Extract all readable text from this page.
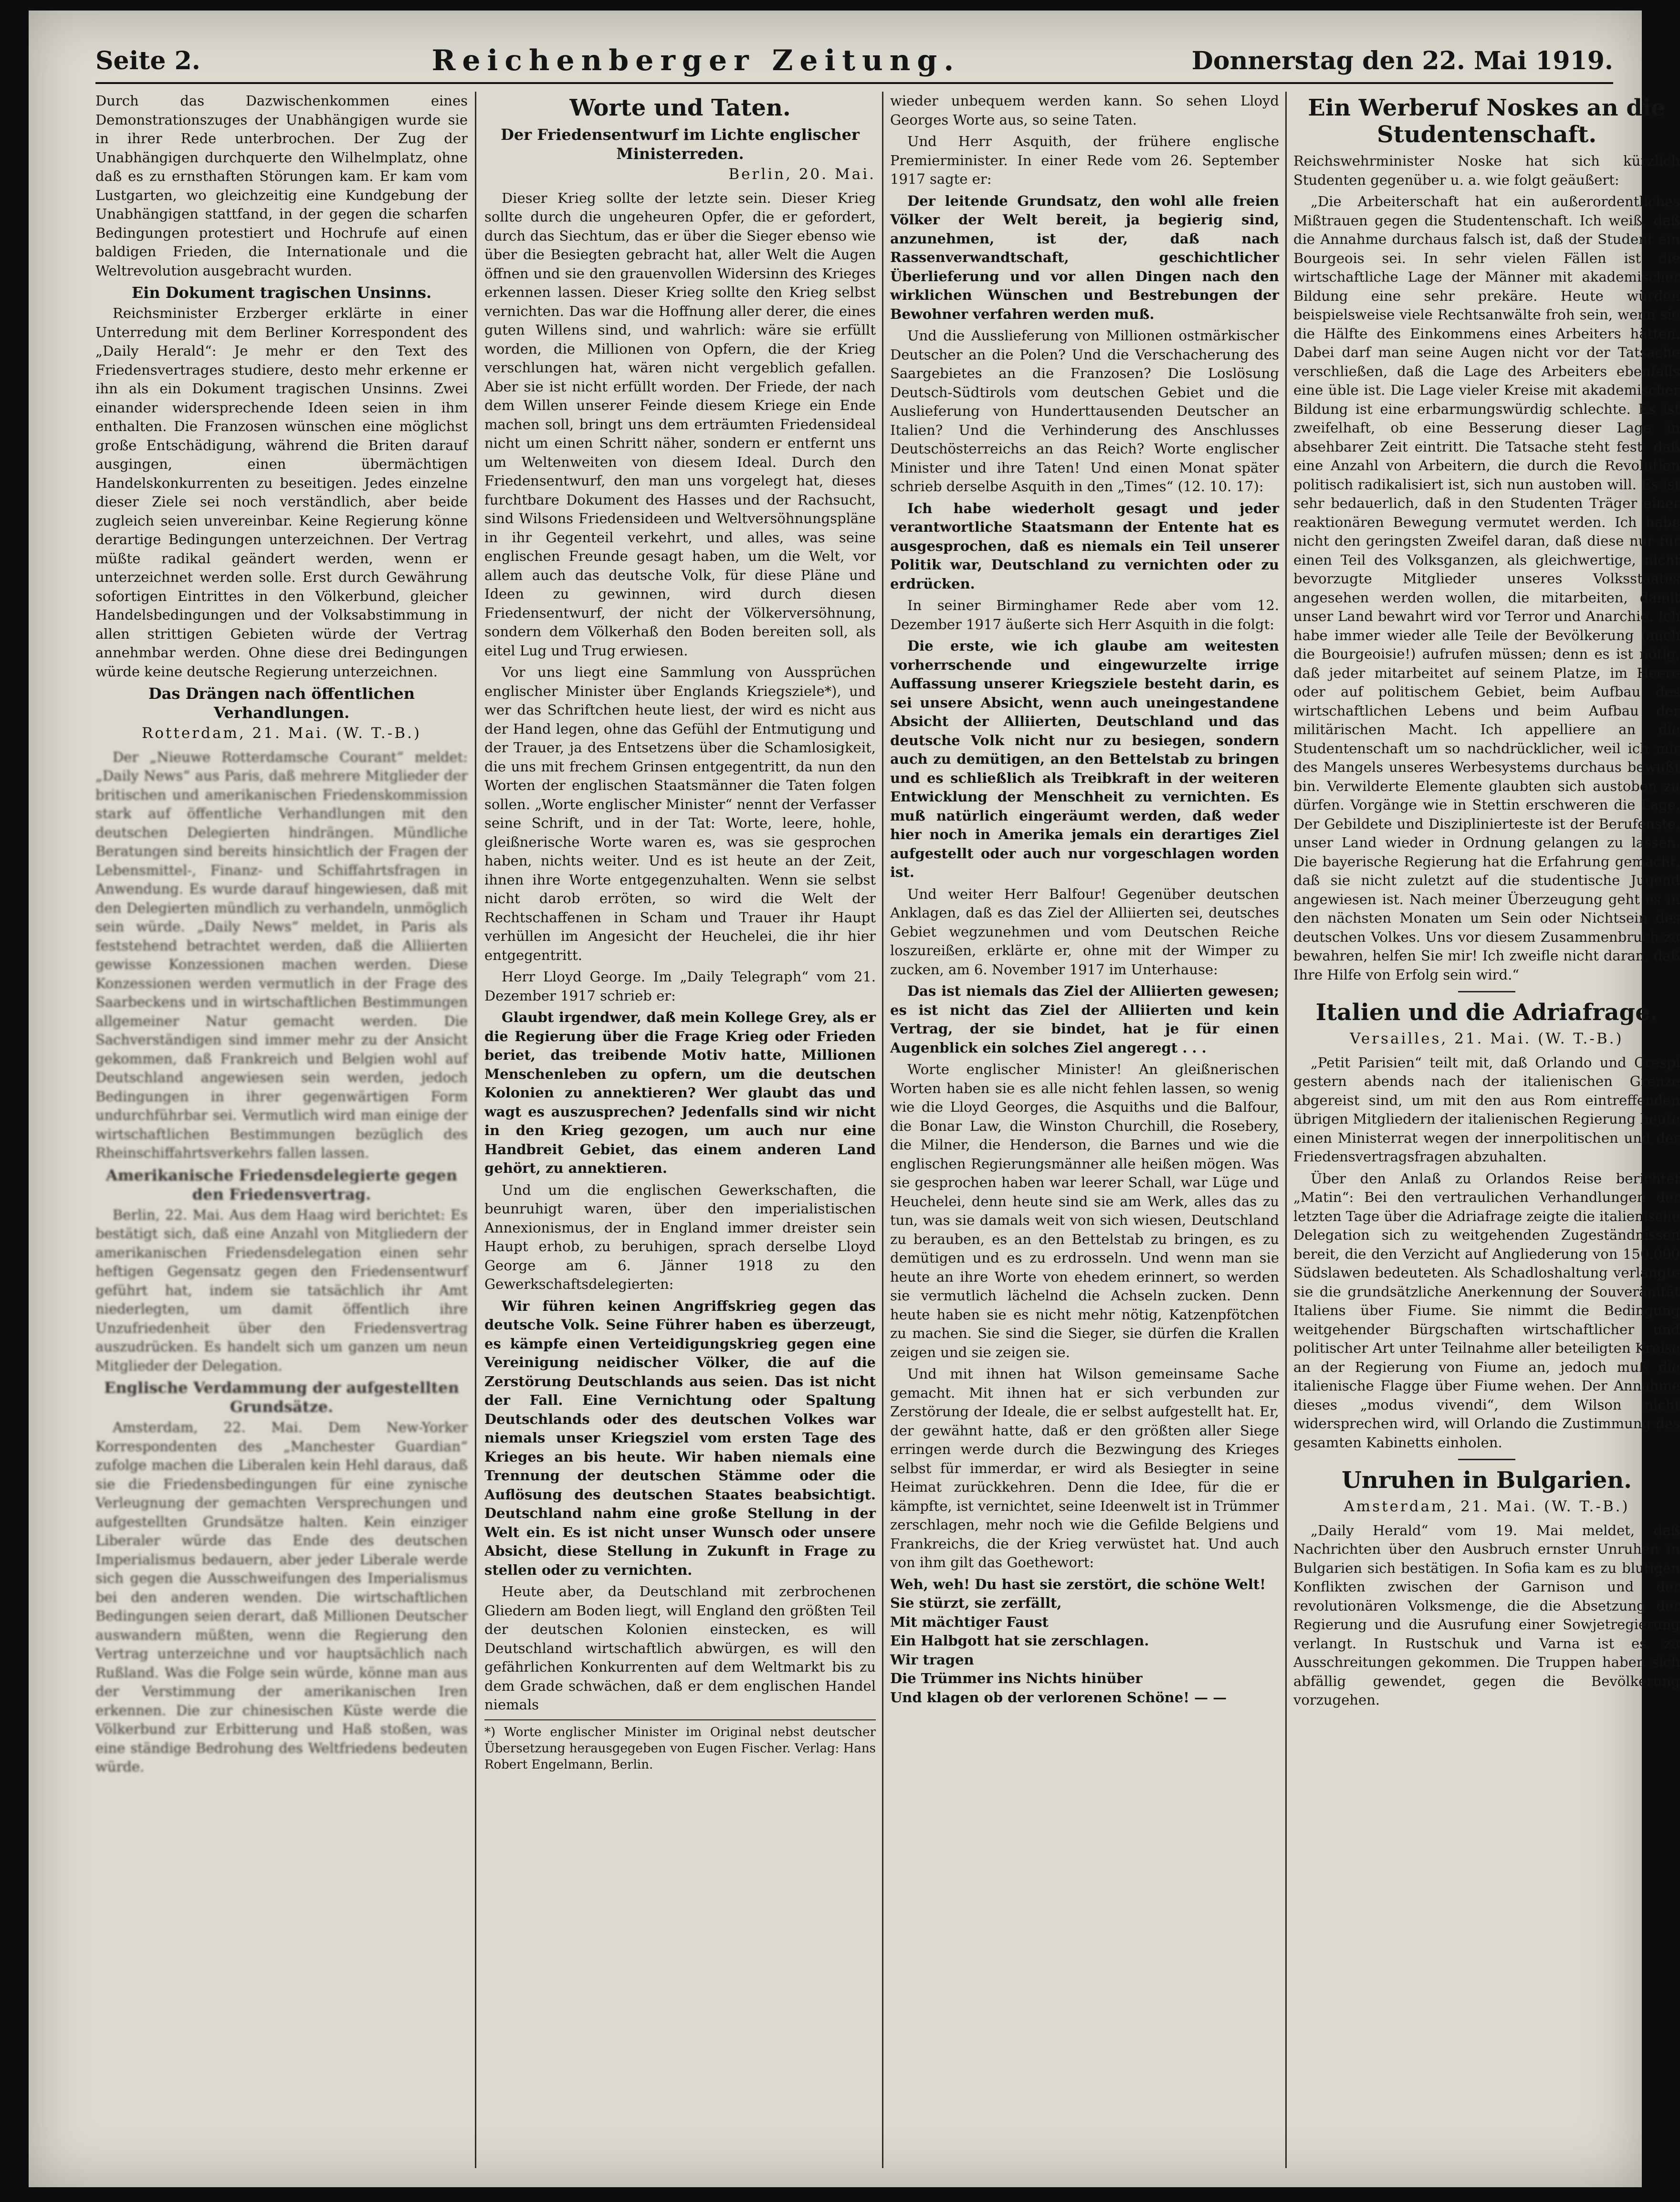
›
Seite 2.	Reichenberger Zeitung.	Donnerstag den 22. Mai 1919.

Durch das Dazwischenkommen eines Demonstrationszuges der Unabhängigen wurde sie in ihrer Rede unterbrochen. Der Zug der Unabhängigen durchquerte den Wilhelmplatz, ohne daß es zu ernsthaften Störungen kam. Er kam vom Lustgarten, wo gleichzeitig eine Kundgebung der Unabhängigen stattfand, in der gegen die scharfen Bedingungen protestiert und Hochrufe auf einen baldigen Frieden, die Internationale und die Weltrevolution ausgebracht wurden.

Ein Dokument tragischen Unsinns.

Reichsminister Erzberger erklärte in einer Unterredung mit dem Berliner Korrespondent des „Daily Herald“: Je mehr er den Text des Friedensvertrages studiere, desto mehr erkenne er ihn als ein Dokument tragischen Unsinns. Zwei einander widersprechende Ideen seien in ihm enthalten. Die Franzosen wünschen eine möglichst große Entschädigung, während die Briten darauf ausgingen, einen übermächtigen Handelskonkurrenten zu beseitigen. Jedes einzelne dieser Ziele sei noch verständlich, aber beide zugleich seien unvereinbar. Keine Regierung könne derartige Bedingungen unterzeichnen. Der Vertrag müßte radikal geändert werden, wenn er unterzeichnet werden solle. Erst durch Gewährung sofortigen Eintrittes in den Völkerbund, gleicher Handelsbedingungen und der Volksabstimmung in allen strittigen Gebieten würde der Vertrag annehmbar werden. Ohne diese drei Bedingungen würde keine deutsche Regierung unterzeichnen.

Das Drängen nach öffentlichen Verhandlungen.
Rotterdam, 21. Mai. (W. T.-B.)

Der „Nieuwe Rotterdamsche Courant“ meldet: „Daily News“ aus Paris, daß mehrere Mitglieder der britischen und amerikanischen Friedenskommission stark auf öffentliche Verhandlungen mit den deutschen Delegierten hindrängen. Mündliche Beratungen sind bereits hinsichtlich der Fragen der Lebensmittel-, Finanz- und Schiffahrtsfragen in Anwendung. Es wurde darauf hingewiesen, daß mit den Delegierten mündlich zu verhandeln, unmöglich sein würde. „Daily News“ meldet, in Paris als feststehend betrachtet werden, daß die Alliierten gewisse Konzessionen machen werden. Diese Konzessionen werden vermutlich in der Frage des Saarbeckens und in wirtschaftlichen Bestimmungen allgemeiner Natur gemacht werden. Die Sachverständigen sind immer mehr zu der Ansicht gekommen, daß Frankreich und Belgien wohl auf Deutschland angewiesen sein werden, jedoch Bedingungen in ihrer gegenwärtigen Form undurchführbar sei. Vermutlich wird man einige der wirtschaftlichen Bestimmungen bezüglich des Rheinschiffahrtsverkehrs fallen lassen.

Amerikanische Friedensdelegierte gegen den Friedensvertrag.

Berlin, 22. Mai. Aus dem Haag wird berichtet: Es bestätigt sich, daß eine Anzahl von Mitgliedern der amerikanischen Friedensdelegation einen sehr heftigen Gegensatz gegen den Friedensentwurf geführt hat, indem sie tatsächlich ihr Amt niederlegten, um damit öffentlich ihre Unzufriedenheit über den Friedensvertrag auszudrücken. Es handelt sich um ganzen um neun Mitglieder der Delegation.

Englische Verdammung der aufgestellten Grundsätze.

Amsterdam, 22. Mai. Dem New-Yorker Korrespondenten des „Manchester Guardian“ zufolge machen die Liberalen kein Hehl daraus, daß sie die Friedensbedingungen für eine zynische Verleugnung der gemachten Versprechungen und aufgestellten Grundsätze halten. Kein einziger Liberaler würde das Ende des deutschen Imperialismus bedauern, aber jeder Liberale werde sich gegen die Ausschweifungen des Imperialismus bei den anderen wenden. Die wirtschaftlichen Bedingungen seien derart, daß Millionen Deutscher auswandern müßten, wenn die Regierung den Vertrag unterzeichne und vor hauptsächlich nach Rußland. Was die Folge sein würde, könne man aus der Verstimmung der amerikanischen Iren erkennen. Die zur chinesischen Küste werde die Völkerbund zur Erbitterung und Haß stoßen, was eine ständige Bedrohung des Weltfriedens bedeuten würde.

Worte und Taten.
Der Friedensentwurf im Lichte englischer Ministerreden.
Berlin, 20. Mai.

Dieser Krieg sollte der letzte sein. Dieser Krieg sollte durch die ungeheuren Opfer, die er gefordert, durch das Siechtum, das er über die Sieger ebenso wie über die Besiegten gebracht hat, aller Welt die Augen öffnen und sie den grauenvollen Widersinn des Krieges erkennen lassen. Dieser Krieg sollte den Krieg selbst vernichten. Das war die Hoffnung aller derer, die eines guten Willens sind, und wahrlich: wäre sie erfüllt worden, die Millionen von Opfern, die der Krieg verschlungen hat, wären nicht vergeblich gefallen. Aber sie ist nicht erfüllt worden. Der Friede, der nach dem Willen unserer Feinde diesem Kriege ein Ende machen soll, bringt uns dem erträumten Friedensideal nicht um einen Schritt näher, sondern er entfernt uns um Weltenweiten von diesem Ideal. Durch den Friedensentwurf, den man uns vorgelegt hat, dieses furchtbare Dokument des Hasses und der Rachsucht, sind Wilsons Friedensideen und Weltversöhnungspläne in ihr Gegenteil verkehrt, und alles, was seine englischen Freunde gesagt haben, um die Welt, vor allem auch das deutsche Volk, für diese Pläne und Ideen zu gewinnen, wird durch diesen Friedensentwurf, der nicht der Völkerversöhnung, sondern dem Völkerhaß den Boden bereiten soll, als eitel Lug und Trug erwiesen.

Vor uns liegt eine Sammlung von Aussprüchen englischer Minister über Englands Kriegsziele*), und wer das Schriftchen heute liest, der wird es nicht aus der Hand legen, ohne das Gefühl der Entmutigung und der Trauer, ja des Entsetzens über die Schamlosigkeit, die uns mit frechem Grinsen entgegentritt, da nun den Worten der englischen Staatsmänner die Taten folgen sollen. „Worte englischer Minister“ nennt der Verfasser seine Schrift, und in der Tat: Worte, leere, hohle, gleißnerische Worte waren es, was sie gesprochen haben, nichts weiter. Und es ist heute an der Zeit, ihnen ihre Worte entgegenzuhalten. Wenn sie selbst nicht darob erröten, so wird die Welt der Rechtschaffenen in Scham und Trauer ihr Haupt verhüllen im Angesicht der Heuchelei, die ihr hier entgegentritt.

Herr Lloyd George. Im „Daily Telegraph“ vom 21. Dezember 1917 schrieb er:

Glaubt irgendwer, daß mein Kollege Grey, als er die Regierung über die Frage Krieg oder Frieden beriet, das treibende Motiv hatte, Millionen Menschenleben zu opfern, um die deutschen Kolonien zu annektieren? Wer glaubt das und wagt es auszusprechen? Jedenfalls sind wir nicht in den Krieg gezogen, um auch nur eine Handbreit Gebiet, das einem anderen Land gehört, zu annektieren.

Und um die englischen Gewerkschaften, die beunruhigt waren, über den imperialistischen Annexionismus, der in England immer dreister sein Haupt erhob, zu beruhigen, sprach derselbe Lloyd George am 6. Jänner 1918 zu den Gewerkschaftsdelegierten:

Wir führen keinen Angriffskrieg gegen das deutsche Volk. Seine Führer haben es überzeugt, es kämpfe einen Verteidigungskrieg gegen eine Vereinigung neidischer Völker, die auf die Zerstörung Deutschlands aus seien. Das ist nicht der Fall. Eine Vernichtung oder Spaltung Deutschlands oder des deutschen Volkes war niemals unser Kriegsziel vom ersten Tage des Krieges an bis heute. Wir haben niemals eine Trennung der deutschen Stämme oder die Auflösung des deutschen Staates beabsichtigt. Deutschland nahm eine große Stellung in der Welt ein. Es ist nicht unser Wunsch oder unsere Absicht, diese Stellung in Zukunft in Frage zu stellen oder zu vernichten.

Heute aber, da Deutschland mit zerbrochenen Gliedern am Boden liegt, will England den größten Teil der deutschen Kolonien einstecken, es will Deutschland wirtschaftlich abwürgen, es will den gefährlichen Konkurrenten auf dem Weltmarkt bis zu dem Grade schwächen, daß er dem englischen Handel niemals

*) Worte englischer Minister im Original nebst deutscher Übersetzung herausgegeben von Eugen Fischer. Verlag: Hans Robert Engelmann, Berlin.

wieder unbequem werden kann. So sehen Lloyd Georges Worte aus, so seine Taten.

Und Herr Asquith, der frühere englische Premierminister. In einer Rede vom 26. September 1917 sagte er:

Der leitende Grundsatz, den wohl alle freien Völker der Welt bereit, ja begierig sind, anzunehmen, ist der, daß nach Rassenverwandtschaft, geschichtlicher Überlieferung und vor allen Dingen nach den wirklichen Wünschen und Bestrebungen der Bewohner verfahren werden muß.

Und die Ausslieferung von Millionen ostmärkischer Deutscher an die Polen? Und die Verschacherung des Saargebietes an die Franzosen? Die Loslösung Deutsch-Südtirols vom deutschen Gebiet und die Auslieferung von Hunderttausenden Deutscher an Italien? Und die Verhinderung des Anschlusses Deutschösterreichs an das Reich? Worte englischer Minister und ihre Taten! Und einen Monat später schrieb derselbe Asquith in den „Times“ (12. 10. 17):

Ich habe wiederholt gesagt und jeder verantwortliche Staatsmann der Entente hat es ausgesprochen, daß es niemals ein Teil unserer Politik war, Deutschland zu vernichten oder zu erdrücken.

In seiner Birminghamer Rede aber vom 12. Dezember 1917 äußerte sich Herr Asquith in die folgt:

Die erste, wie ich glaube am weitesten vorherrschende und eingewurzelte irrige Auffassung unserer Kriegsziele besteht darin, es sei unsere Absicht, wenn auch uneingestandene Absicht der Alliierten, Deutschland und das deutsche Volk nicht nur zu besiegen, sondern auch zu demütigen, an den Bettelstab zu bringen und es schließlich als Treibkraft in der weiteren Entwicklung der Menschheit zu vernichten. Es muß natürlich eingeräumt werden, daß weder hier noch in Amerika jemals ein derartiges Ziel aufgestellt oder auch nur vorgeschlagen worden ist.

Und weiter Herr Balfour! Gegenüber deutschen Anklagen, daß es das Ziel der Alliierten sei, deutsches Gebiet wegzunehmen und vom Deutschen Reiche loszureißen, erklärte er, ohne mit der Wimper zu zucken, am 6. November 1917 im Unterhause:

Das ist niemals das Ziel der Alliierten gewesen; es ist nicht das Ziel der Alliierten und kein Vertrag, der sie bindet, hat je für einen Augenblick ein solches Ziel angeregt . . .

Worte englischer Minister! An gleißnerischen Worten haben sie es alle nicht fehlen lassen, so wenig wie die Lloyd Georges, die Asquiths und die Balfour, die Bonar Law, die Winston Churchill, die Rosebery, die Milner, die Henderson, die Barnes und wie die englischen Regierungsmänner alle heißen mögen. Was sie gesprochen haben war leerer Schall, war Lüge und Heuchelei, denn heute sind sie am Werk, alles das zu tun, was sie damals weit von sich wiesen, Deutschland zu berauben, es an den Bettelstab zu bringen, es zu demütigen und es zu erdrosseln. Und wenn man sie heute an ihre Worte von ehedem erinnert, so werden sie vermutlich lächelnd die Achseln zucken. Denn heute haben sie es nicht mehr nötig, Katzenpfötchen zu machen. Sie sind die Sieger, sie dürfen die Krallen zeigen und sie zeigen sie.

Und mit ihnen hat Wilson gemeinsame Sache gemacht. Mit ihnen hat er sich verbunden zur Zerstörung der Ideale, die er selbst aufgestellt hat. Er, der gewähnt hatte, daß er den größten aller Siege erringen werde durch die Bezwingung des Krieges selbst für immerdar, er wird als Besiegter in seine Heimat zurückkehren. Denn die Idee, für die er kämpfte, ist vernichtet, seine Ideenwelt ist in Trümmer zerschlagen, mehr noch wie die Gefilde Belgiens und Frankreichs, die der Krieg verwüstet hat. Und auch von ihm gilt das Goethewort:

Weh, weh! Du hast sie zerstört, die schöne Welt!

Sie stürzt, sie zerfällt,

Mit mächtiger Faust

Ein Halbgott hat sie zerschlagen.

Wir tragen

Die Trümmer ins Nichts hinüber

Und klagen ob der verlorenen Schöne! — —

Ein Werberuf Noskes an die Studentenschaft.

Reichswehrminister Noske hat sich kürzlich Studenten gegenüber u. a. wie folgt geäußert:

„Die Arbeiterschaft hat ein außerordentliches Mißtrauen gegen die Studentenschaft. Ich weiß, daß die Annahme durchaus falsch ist, daß der Student ein Bourgeois sei. In sehr vielen Fällen ist die wirtschaftliche Lage der Männer mit akademischer Bildung eine sehr prekäre. Heute würden beispielsweise viele Rechtsanwälte froh sein, wenn sie die Hälfte des Einkommens eines Arbeiters hätten. Dabei darf man seine Augen nicht vor der Tatsache verschließen, daß die Lage des Arbeiters ebenfalls eine üble ist. Die Lage vieler Kreise mit akademischer Bildung ist eine erbarmungswürdig schlechte. Es ist zweifelhaft, ob eine Besserung dieser Lage in absehbarer Zeit eintritt. Die Tatsache steht fest, daß eine Anzahl von Arbeitern, die durch die Revolution politisch radikalisiert ist, sich nun austoben will. Es ist sehr bedauerlich, daß in den Studenten Träger einer reaktionären Bewegung vermutet werden. Ich habe nicht den geringsten Zweifel daran, daß diese nur für einen Teil des Volksganzen, als gleichwertige, nicht bevorzugte Mitglieder unseres Volksstaates angesehen werden wollen, die mitarbeiten, damit unser Land bewahrt wird vor Terror und Anarchie. Ich habe immer wieder alle Teile der Bevölkerung (auch die Bourgeoisie!) aufrufen müssen; denn es ist nötig, daß jeder mitarbeitet auf seinem Platze, im Heere oder auf politischem Gebiet, beim Aufbau des wirtschaftlichen Lebens und beim Aufbau der militärischen Macht. Ich appelliere an die Studentenschaft um so nachdrücklicher, weil ich mir des Mangels unseres Werbesystems durchaus bewußt bin. Verwilderte Elemente glaubten sich austoben zu dürfen. Vorgänge wie in Stettin erschweren die Lage. Der Gebildete und Disziplinierteste ist der Berufenste, unser Land wieder in Ordnung gelangen zu lassen. Die bayerische Regierung hat die Erfahrung gemacht, daß sie nicht zuletzt auf die studentische Jugend angewiesen ist. Nach meiner Überzeugung geht es in den nächsten Monaten um Sein oder Nichtsein des deutschen Volkes. Uns vor diesem Zusammenbruch zu bewahren, helfen Sie mir! Ich zweifle nicht daran, daß Ihre Hilfe von Erfolg sein wird.“

Italien und die Adriafrage.
Versailles, 21. Mai. (W. T.-B.)

„Petit Parisien“ teilt mit, daß Orlando und Crespi gestern abends nach der italienischen Grenze abgereist sind, um mit den aus Rom eintreffenden übrigen Mitgliedern der italienischen Regierung heute einen Ministerrat wegen der innerpolitischen und der Friedensvertragsfragen abzuhalten.

Über den Anlaß zu Orlandos Reise berichtet „Matin“: Bei den vertraulichen Verhandlungen der letzten Tage über die Adriafrage zeigte die italienische Delegation sich zu weitgehenden Zugeständnissen bereit, die den Verzicht auf Angliederung von 150.000 Südslawen bedeuteten. Als Schadloshaltung verlangte sie die grundsätzliche Anerkennung der Souveränität Italiens über Fiume. Sie nimmt die Bedingung weitgehender Bürgschaften wirtschaftlicher und politischer Art unter Teilnahme aller beteiligten Kreise an der Regierung von Fiume an, jedoch muß die italienische Flagge über Fiume wehen. Der Annahme dieses „modus vivendi“, dem Wilson nicht widersprechen wird, will Orlando die Zustimmung des gesamten Kabinetts einholen.

Unruhen in Bulgarien.
Amsterdam, 21. Mai. (W. T.-B.)

„Daily Herald“ vom 19. Mai meldet, daß Nachrichten über den Ausbruch ernster Unruhen in Bulgarien sich bestätigen. In Sofia kam es zu blutigen Konflikten zwischen der Garnison und der revolutionären Volksmenge, die die Absetzung der Regierung und die Ausrufung einer Sowjetregierung verlangt. In Rustschuk und Varna ist es zu Ausschreitungen gekommen. Die Truppen haben sich abfällig gewendet, gegen die Bevölkerung vorzugehen.
